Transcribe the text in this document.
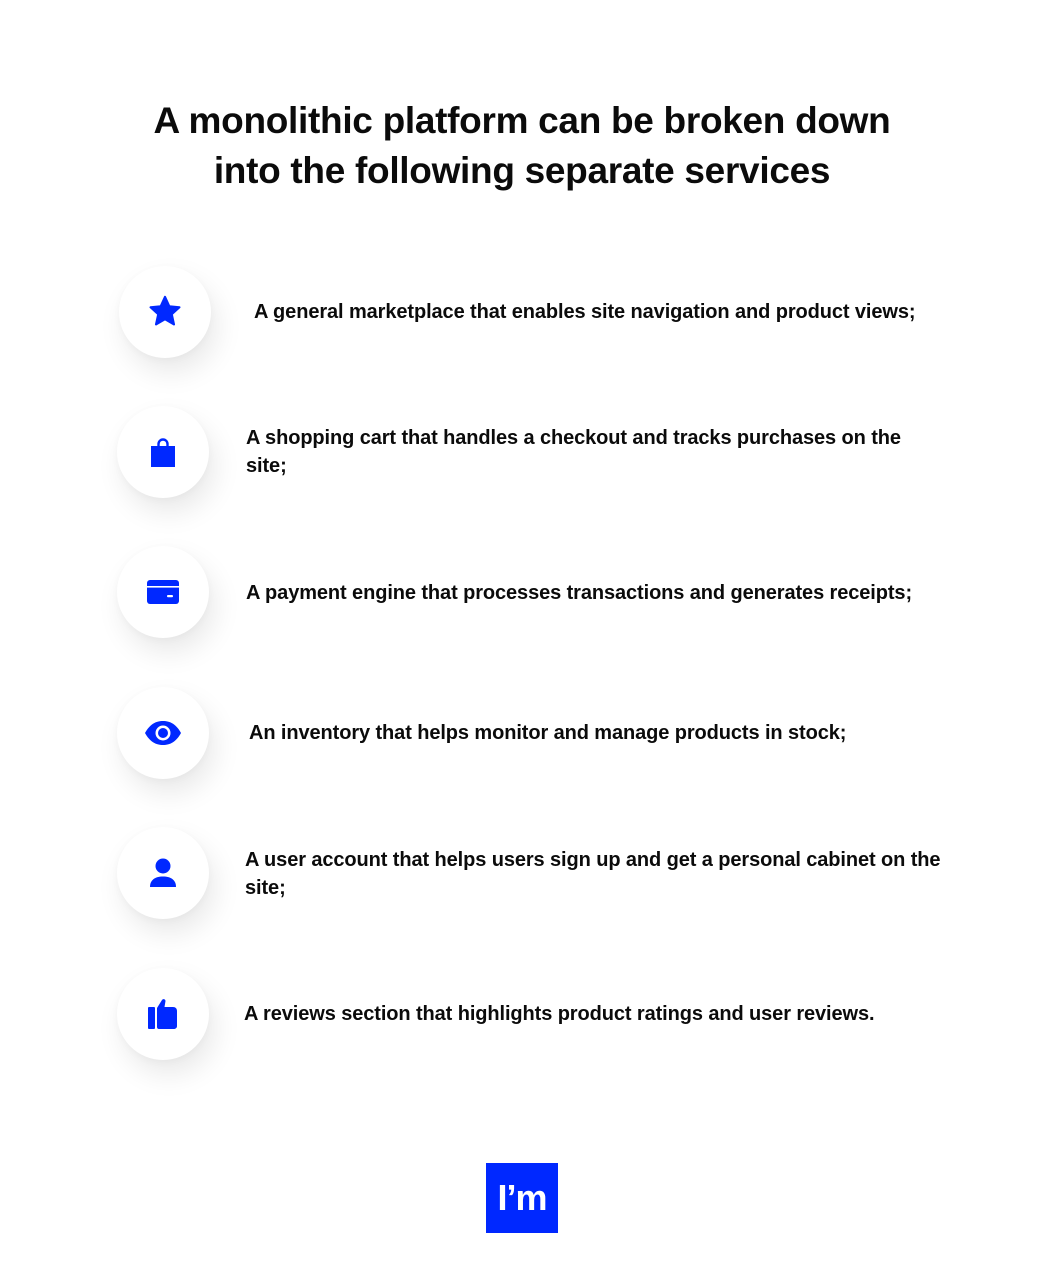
A monolithic platform can be broken down
into the following separate services
A general marketplace that enables site navigation and product views;
A shopping cart that handles a checkout and tracks purchases on the site;
A payment engine that processes transactions and generates receipts;
An inventory that helps monitor and manage products in stock;
A user account that helps users sign up and get a personal cabinet on the site;
A reviews section that highlights product ratings and user reviews.
I’m
